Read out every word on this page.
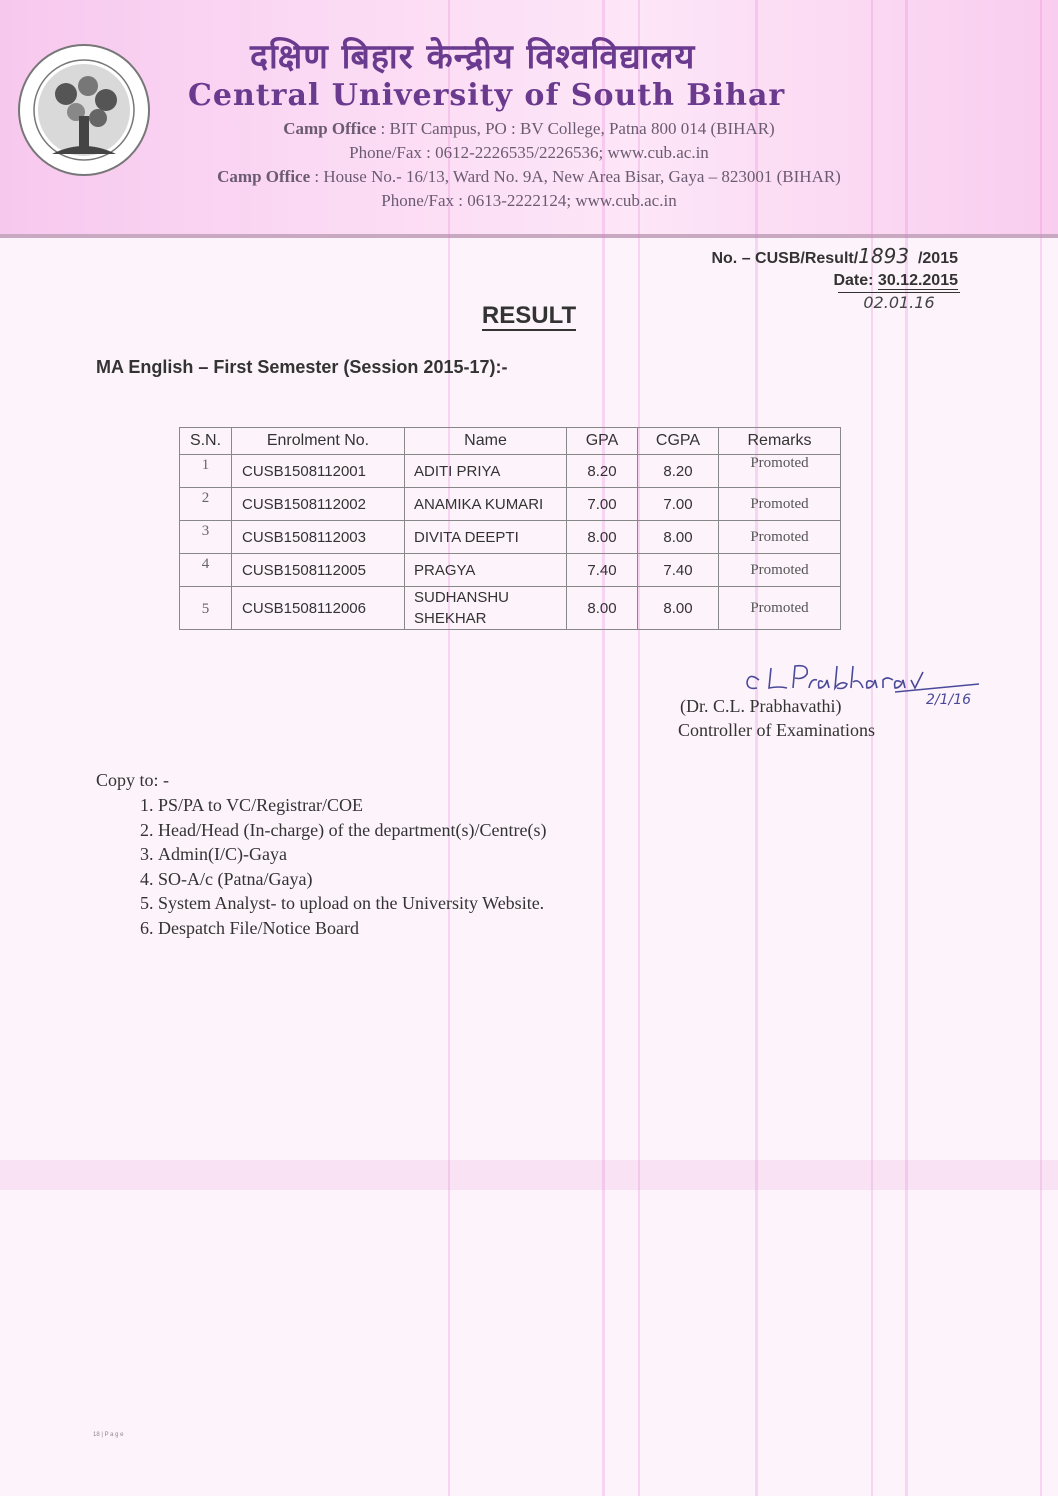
दक्षिण बिहार केन्द्रीय विश्वविद्यालय
Central University of South Bihar
Camp Office : BIT Campus, PO : BV College, Patna 800 014 (BIHAR)
Phone/Fax : 0612-2226535/2226536; www.cub.ac.in
Camp Office : House No.- 16/13, Ward No. 9A, New Area Bisar, Gaya – 823001 (BIHAR)
Phone/Fax : 0613-2222124; www.cub.ac.in
No. – CUSB/Result/1893 /2015
Date: 30.12.2015
02.01.16
RESULT
MA English – First Semester (Session 2015-17):-
S.N.	Enrolment No.	Name	GPA	CGPA	Remarks
1	CUSB1508112001	ADITI PRIYA	8.20	8.20	Promoted
2	CUSB1508112002	ANAMIKA KUMARI	7.00	7.00	Promoted
3	CUSB1508112003	DIVITA DEEPTI	8.00	8.00	Promoted
4	CUSB1508112005	PRAGYA	7.40	7.40	Promoted
5	CUSB1508112006	SUDHANSHU SHEKHAR	8.00	8.00	Promoted
2/1/16
(Dr. C.L. Prabhavathi)
Controller of Examinations
Copy to: -
1. PS/PA to VC/Registrar/COE
2. Head/Head (In-charge) of the department(s)/Centre(s)
3. Admin(I/C)-Gaya
4. SO-A/c (Patna/Gaya)
5. System Analyst- to upload on the University Website.
6. Despatch File/Notice Board
18 | P a g e
